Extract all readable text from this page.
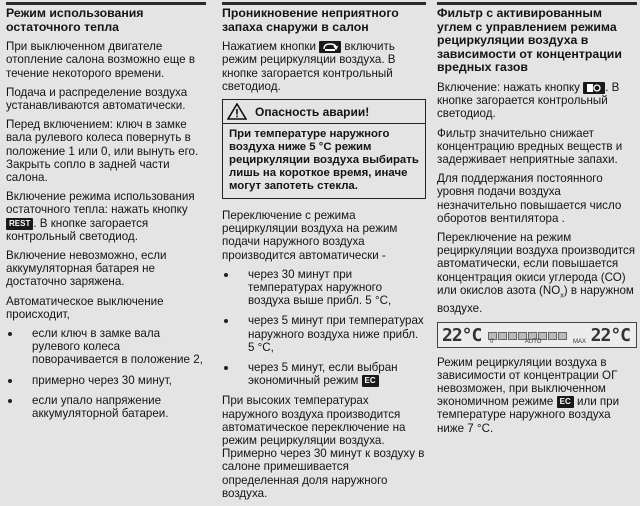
Режим использования остаточного тепла

При выключенном двигателе отопление салона возможно еще в течение некоторого времени.

Подача и распределение воздуха устанавливаются автоматически.

Перед включением: ключ в замке вала рулевого колеса повернуть в положение 1 или 0, или вынуть его. Закрыть сопло в задней части салона.

Включение режима использования остаточного тепла: нажать кнопку REST . В кнопке загорается контрольный светодиод.

Включение невозможно, если аккумуляторная батарея не достаточно заряжена.

Автоматическое выключение происходит,

если ключ в замке вала рулевого колеса поворачивается в положение 2,
примерно через 30 минут,
если упало напряжение аккумуляторной батареи.
Проникновение неприятного запаха снаружи в салон

Нажатием кнопки включить режим рециркуляции воздуха. В кнопке загорается контрольный светодиод.

Опасность аварии!
При температуре наружного воздуха ниже 5 °С режим рециркуляции воздуха выбирать лишь на короткое время, иначе могут запотеть стекла.

Переключение с режима рециркуляции воздуха на режим подачи наружного воздуха производится автоматически -

через 30 минут при температурах наружного воздуха выше прибл. 5 °С,
через 5 минут при температурах наружного воздуха ниже прибл. 5 °С,
через 5 минут, если выбран экономичный режим EC

При высоких температурах наружного воздуха производится автоматическое переключение на режим рециркуляции воздуха. Примерно через 30 минут к воздуху в салоне примешивается определенная доля наружного воздуха.

Фильтр с активированным углем с управлением режима рециркуляции воздуха в зависимости от концентрации вредных газов

Включение: нажать кнопку . В кнопке загорается контрольный светодиод.

Фильтр значительно снижает концентрацию вредных веществ и задерживает неприятные запахи.

Для поддержания постоянного уровня подачи воздуха незначительно повышается число оборотов вентилятора .

Переключение на режим рециркуляции воздуха производится автоматически, если повышается концентрация окиси углерода (СО) или окислов азота $(NO_x)$ в наружном воздухе.

22°C 0	AUTO	MAX 22°C

Режим рециркуляции воздуха в зависимости от концентрации ОГ невозможен, при выключенном экономичном режиме EC или при температуре наружного воздуха ниже 7 °С.
